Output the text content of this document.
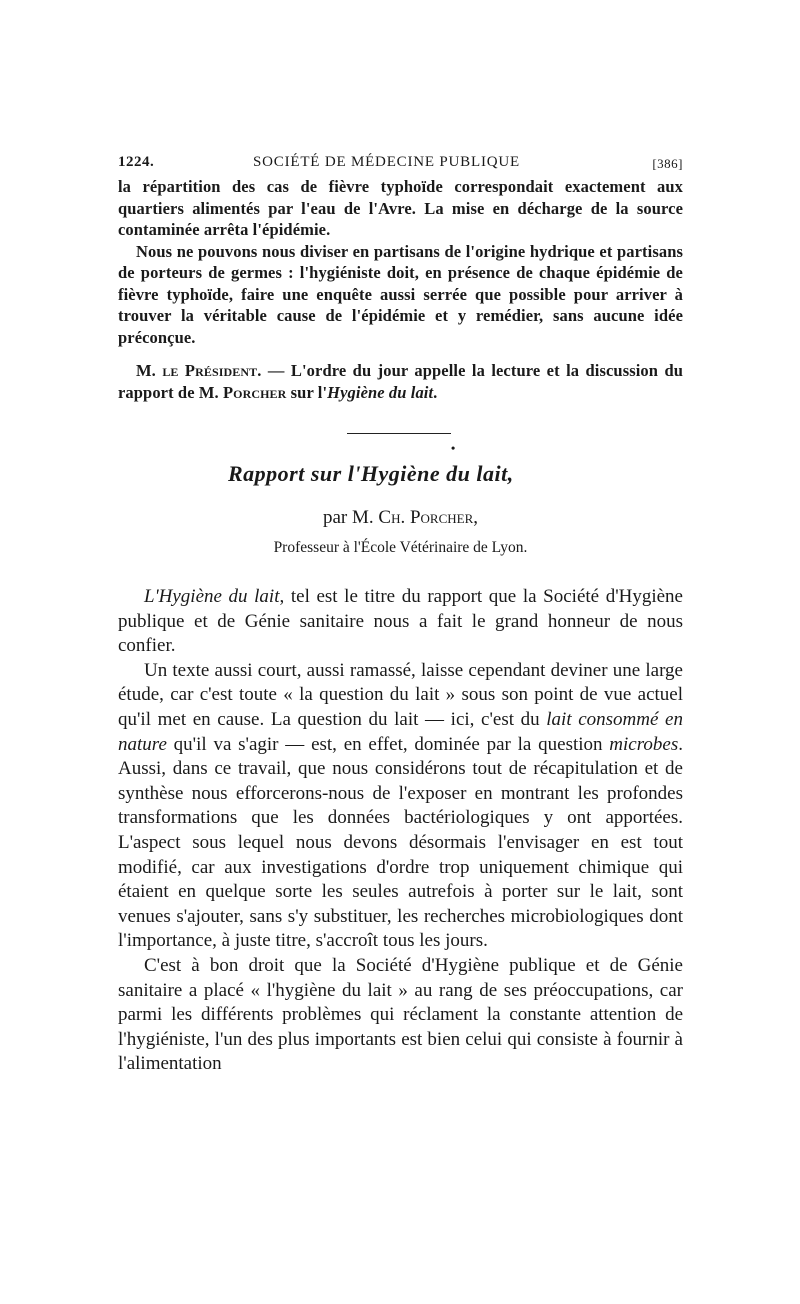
1224.	SOCIÉTÉ DE MÉDECINE PUBLIQUE	[386]

la répartition des cas de fièvre typhoïde correspondait exactement aux quartiers alimentés par l'eau de l'Avre. La mise en décharge de la source contaminée arrêta l'épidémie.

Nous ne pouvons nous diviser en partisans de l'origine hydrique et partisans de porteurs de germes : l'hygiéniste doit, en présence de chaque épidémie de fièvre typhoïde, faire une enquête aussi serrée que possible pour arriver à trouver la véritable cause de l'épidémie et y remédier, sans aucune idée préconçue.

M. le Président. — L'ordre du jour appelle la lecture et la discussion du rapport de M. Porcher sur l'Hygiène du lait.

•
Rapport sur l'Hygiène du lait,
par M. Ch. Porcher,
Professeur à l'École Vétérinaire de Lyon.

L'Hygiène du lait, tel est le titre du rapport que la Société d'Hygiène publique et de Génie sanitaire nous a fait le grand honneur de nous confier.

Un texte aussi court, aussi ramassé, laisse cependant deviner une large étude, car c'est toute « la question du lait » sous son point de vue actuel qu'il met en cause. La question du lait — ici, c'est du lait consommé en nature qu'il va s'agir — est, en effet, dominée par la question microbes. Aussi, dans ce travail, que nous considérons tout de récapitulation et de synthèse nous efforcerons-nous de l'exposer en montrant les profondes transformations que les données bactériologiques y ont apportées. L'aspect sous lequel nous devons désormais l'envisager en est tout modifié, car aux investigations d'ordre trop uniquement chimique qui étaient en quelque sorte les seules autrefois à porter sur le lait, sont venues s'ajouter, sans s'y substituer, les recherches microbiologiques dont l'importance, à juste titre, s'accroît tous les jours.

C'est à bon droit que la Société d'Hygiène publique et de Génie sanitaire a placé « l'hygiène du lait » au rang de ses préoccupations, car parmi les différents problèmes qui réclament la constante attention de l'hygiéniste, l'un des plus importants est bien celui qui consiste à fournir à l'alimentation
